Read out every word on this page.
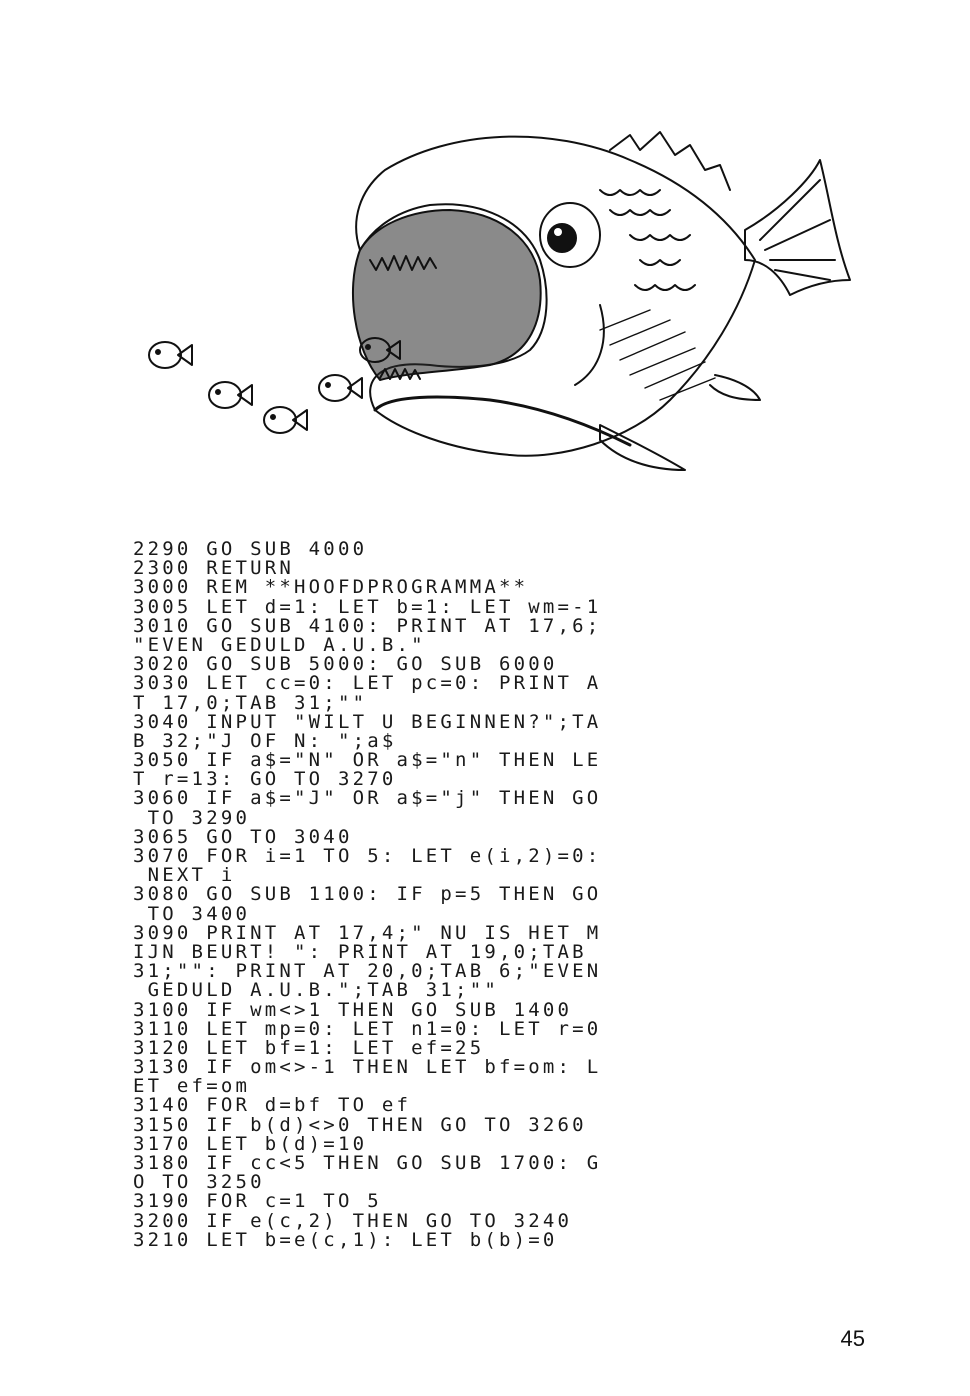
2290 GO SUB 4000
2300 RETURN
3000 REM **HOOFDPROGRAMMA**
3005 LET d=1: LET b=1: LET wm=-1
3010 GO SUB 4100: PRINT AT 17,6;
"EVEN GEDULD A.U.B."
3020 GO SUB 5000: GO SUB 6000
3030 LET cc=0: LET pc=0: PRINT A
T 17,0;TAB 31;""
3040 INPUT "WILT U BEGINNEN?";TA
B 32;"J OF N: ";a$
3050 IF a$="N" OR a$="n" THEN LE
T r=13: GO TO 3270
3060 IF a$="J" OR a$="j" THEN GO
TO 3290
3065 GO TO 3040
3070 FOR i=1 TO 5: LET e(i,2)=0:
NEXT i
3080 GO SUB 1100: IF p=5 THEN GO
TO 3400
3090 PRINT AT 17,4;" NU IS HET M
IJN BEURT! ": PRINT AT 19,0;TAB
31;"": PRINT AT 20,0;TAB 6;"EVEN
GEDULD A.U.B.";TAB 31;""
3100 IF wm<>1 THEN GO SUB 1400
3110 LET mp=0: LET n1=0: LET r=0
3120 LET bf=1: LET ef=25
3130 IF om<>-1 THEN LET bf=om: L
ET ef=om
3140 FOR d=bf TO ef
3150 IF b(d)<>0 THEN GO TO 3260
3170 LET b(d)=10
3180 IF cc<5 THEN GO SUB 1700: G
O TO 3250
3190 FOR c=1 TO 5
3200 IF e(c,2) THEN GO TO 3240
3210 LET b=e(c,1): LET b(b)=0
45
